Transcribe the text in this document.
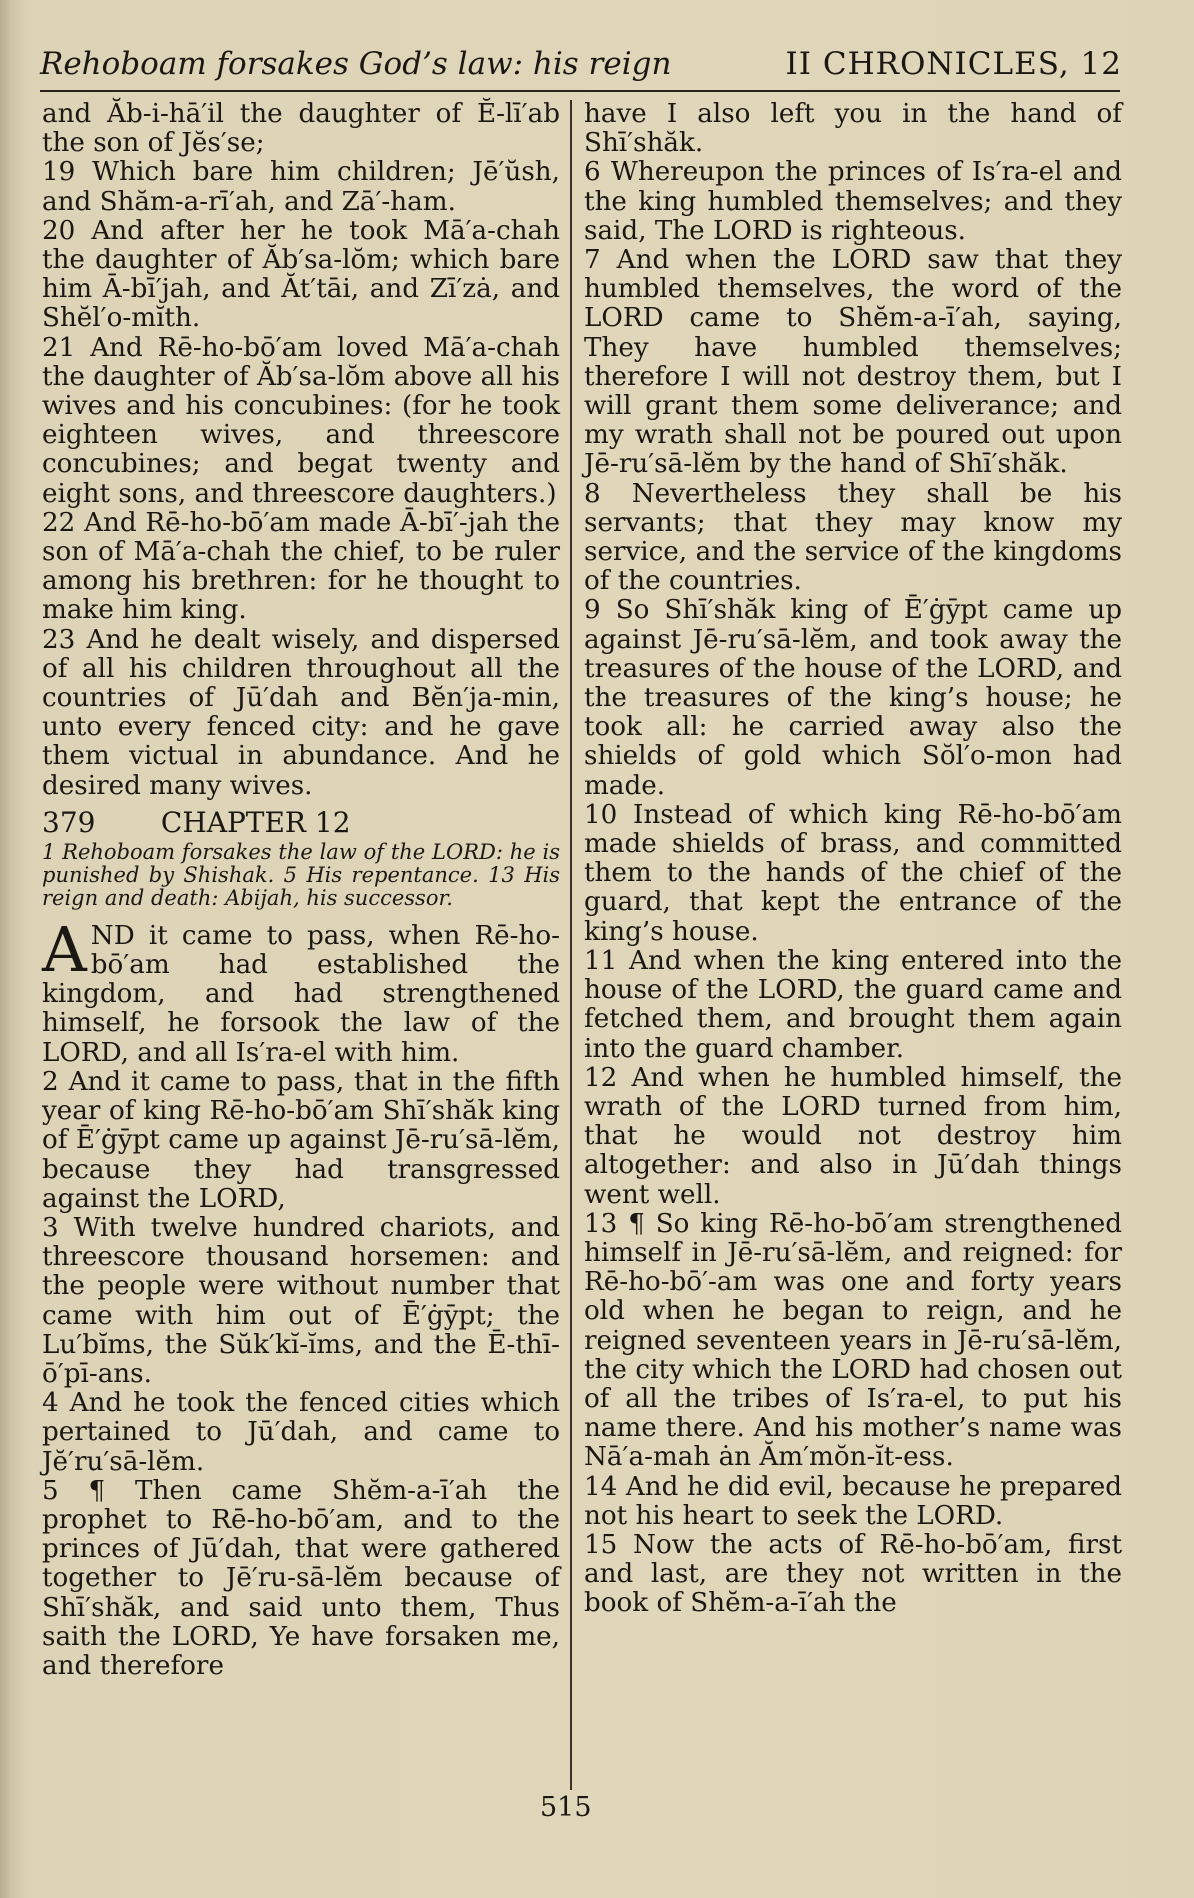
Rehoboam forsakes God’s law: his reign	II CHRONICLES, 12

and Ăb-i-hā′il the daughter of Ĕ-lī′ab the son of Jĕs′se;

19 Which bare him children; Jē′ŭsh, and Shăm-a-rī′ah, and Zā′-ham.

20 And after her he took Mā′a-chah the daughter of Ăb′sa-lŏm; which bare him Ā-bī′jah, and Ăt′tāi, and Zī′zȧ, and Shĕl′o-mĭth.

21 And Rē-ho-bō′am loved Mā′a-chah the daughter of Ăb′sa-lŏm above all his wives and his concubines: (for he took eighteen wives, and threescore concubines; and begat twenty and eight sons, and threescore daughters.)

22 And Rē-ho-bō′am made Ā-bī′-jah the son of Mā′a-chah the chief, to be ruler among his brethren: for he thought to make him king.

23 And he dealt wisely, and dispersed of all his children throughout all the countries of Jū′dah and Bĕn′ja-min, unto every fenced city: and he gave them victual in abundance. And he desired many wives.

379 CHAPTER 12

1 Rehoboam forsakes the law of the LORD: he is punished by Shishak. 5 His repentance. 13 His reign and death: Abijah, his successor.

AND it came to pass, when Rē-ho-bō′am had established the kingdom, and had strengthened himself, he forsook the law of the LORD, and all Is′ra-el with him.

2 And it came to pass, that in the fifth year of king Rē-ho-bō′am Shī′shăk king of Ē′ġȳpt came up against Jē-ru′sā-lĕm, because they had transgressed against the LORD,

3 With twelve hundred chariots, and threescore thousand horsemen: and the people were without number that came with him out of Ē′ġȳpt; the Lu′bĭms, the Sŭk′kĭ-ĭms, and the Ē-thī-ō′pī-ans.

4 And he took the fenced cities which pertained to Jū′dah, and came to Jĕ′ru′sā-lĕm.

5 ¶ Then came Shĕm-a-ī′ah the prophet to Rē-ho-bō′am, and to the princes of Jū′dah, that were gathered together to Jē′ru-sā-lĕm because of Shī′shăk, and said unto them, Thus saith the LORD, Ye have forsaken me, and therefore

have I also left you in the hand of Shī′shăk.

6 Whereupon the princes of Is′ra-el and the king humbled themselves; and they said, The LORD is righteous.

7 And when the LORD saw that they humbled themselves, the word of the LORD came to Shĕm-a-ī′ah, saying, They have humbled themselves; therefore I will not destroy them, but I will grant them some deliverance; and my wrath shall not be poured out upon Jē-ru′sā-lĕm by the hand of Shī′shăk.

8 Nevertheless they shall be his servants; that they may know my service, and the service of the kingdoms of the countries.

9 So Shī′shăk king of Ē′ġȳpt came up against Jē-ru′sā-lĕm, and took away the treasures of the house of the LORD, and the treasures of the king’s house; he took all: he carried away also the shields of gold which Sŏl′o-mon had made.

10 Instead of which king Rē-ho-bō′am made shields of brass, and committed them to the hands of the chief of the guard, that kept the entrance of the king’s house.

11 And when the king entered into the house of the LORD, the guard came and fetched them, and brought them again into the guard chamber.

12 And when he humbled himself, the wrath of the LORD turned from him, that he would not destroy him altogether: and also in Jū′dah things went well.

13 ¶ So king Rē-ho-bō′am strengthened himself in Jē-ru′sā-lĕm, and reigned: for Rē-ho-bō′-am was one and forty years old when he began to reign, and he reigned seventeen years in Jē-ru′sā-lĕm, the city which the LORD had chosen out of all the tribes of Is′ra-el, to put his name there. And his mother’s name was Nā′a-mah ȧn Ăm′mŏn-ĭt-ess.

14 And he did evil, because he prepared not his heart to seek the LORD.

15 Now the acts of Rē-ho-bō′am, first and last, are they not written in the book of Shĕm-a-ī′ah the

515
